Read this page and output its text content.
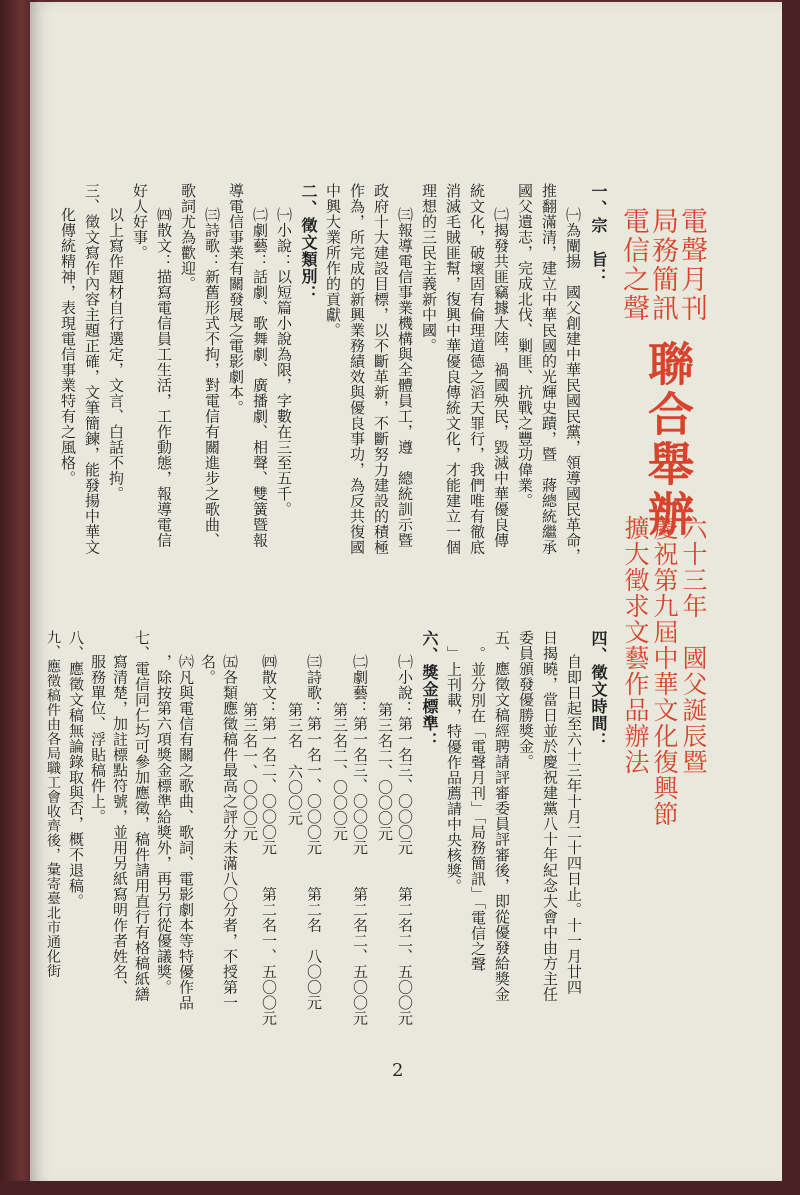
電聲月刊
局務簡訊
電信之聲
聯合舉辦
六十三年　國父誕辰暨
慶祝第九屆中華文化復興節
擴大徵求文藝作品辦法
一、宗　旨：
㈠為闡揚　國父創建中華民國民黨，領導國民革命，
推翻滿清，建立中華民國的光輝史蹟，暨　蔣總統繼承
國父遺志，完成北伐、剿匪、抗戰之豐功偉業。
㈡揭發共匪竊據大陸，禍國殃民，毀滅中華優良傳
統文化，破壞固有倫理道德之滔天罪行，我們唯有徹底
消滅毛賊匪幫，復興中華優良傳統文化，才能建立一個
理想的三民主義新中國。
㈢報導電信事業機構與全體員工，遵　總統訓示暨
政府十大建設目標，以不斷革新，不斷努力建設的積極
作為，所完成的新興業務績效與優良事功，為反共復國
中興大業所作的貢獻。
二、徵文類別：
㈠小說：以短篇小說為限，字數在三至五千。
㈡劇藝：話劇、歌舞劇、廣播劇、相聲、雙簧暨報
導電信事業有關發展之電影劇本。
㈢詩歌：新舊形式不拘，對電信有關進步之歌曲、
歌詞尤為歡迎。
㈣散文：描寫電信員工生活，工作動態，報導電信
好人好事。
以上寫作題材自行選定，文言、白話不拘。
三、徵文寫作內容主題正確，文筆簡鍊，能發揚中華文
化傳統精神，表現電信事業特有之風格。
四、徵文時間：
自即日起至六十三年十月二十四日止。十一月廿四
日揭曉，當日並於慶祝建黨八十年紀念大會中由方主任
委員頒發優勝獎金。
五、應徵文稿經聘請評審委員評審後，即從優發給獎金
。並分別在「電聲月刊」「局務簡訊」「電信之聲
」上刊載，特優作品薦請中央核獎。
六、獎金標準：
㈠小說：第一名三、〇〇〇元　　第二名二、五〇〇元
第三名二、〇〇〇元
㈡劇藝：第一名三、〇〇〇元　　第二名二、五〇〇元
第三名二、〇〇〇元
㈢詩歌：第一名一、〇〇〇元　　第二名　八〇〇元
第三名　六〇〇元
㈣散文：第一名二、〇〇〇元　　第二名一、五〇〇元
第三名一、〇〇〇元
㈤各類應徵稿件最高之評分未滿八〇分者，不授第一
名。
㈥凡與電信有關之歌曲、歌詞、電影劇本等特優作品
，除按第六項獎金標準給獎外，再另行從優議獎。
七、電信同仁均可參加應徵，稿件請用直行有格稿紙繕
寫清楚，加註標點符號，並用另紙寫明作者姓名、
服務單位、浮貼稿件上。
八、應徵文稿無論錄取與否，概不退稿。
九、應徵稿件由各局職工會收齊後，彙寄臺北市通化街
2
